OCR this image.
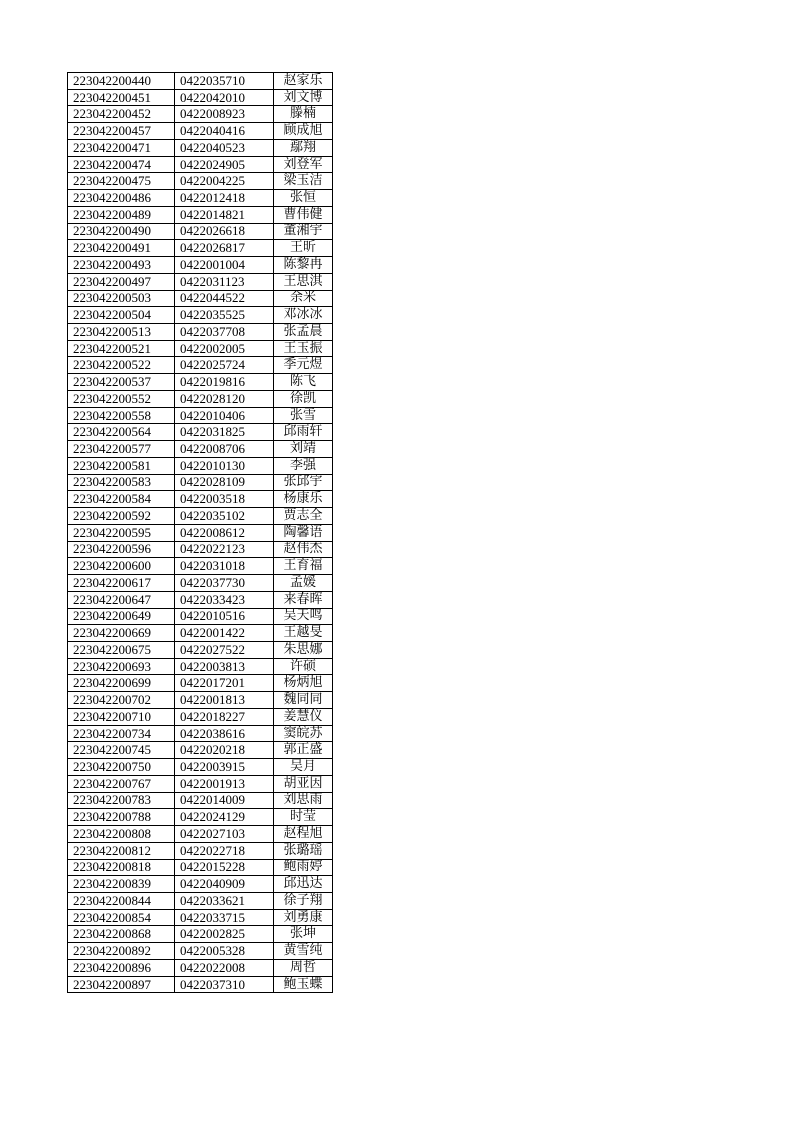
223042200440	0422035710	赵家乐
223042200451	0422042010	刘文博
223042200452	0422008923	滕楠
223042200457	0422040416	顾成旭
223042200471	0422040523	鄢翔
223042200474	0422024905	刘登军
223042200475	0422004225	梁玉洁
223042200486	0422012418	张恒
223042200489	0422014821	曹伟健
223042200490	0422026618	董湘宇
223042200491	0422026817	王昕
223042200493	0422001004	陈黎冉
223042200497	0422031123	王思淇
223042200503	0422044522	余米
223042200504	0422035525	邓冰冰
223042200513	0422037708	张孟晨
223042200521	0422002005	王玉振
223042200522	0422025724	季元煜
223042200537	0422019816	陈飞
223042200552	0422028120	徐凯
223042200558	0422010406	张雪
223042200564	0422031825	邱雨轩
223042200577	0422008706	刘靖
223042200581	0422010130	李强
223042200583	0422028109	张邱宇
223042200584	0422003518	杨康乐
223042200592	0422035102	贾志全
223042200595	0422008612	陶馨语
223042200596	0422022123	赵伟杰
223042200600	0422031018	王育福
223042200617	0422037730	孟媛
223042200647	0422033423	来春晖
223042200649	0422010516	吴天鸣
223042200669	0422001422	王越旻
223042200675	0422027522	朱思娜
223042200693	0422003813	许硕
223042200699	0422017201	杨炳旭
223042200702	0422001813	魏同同
223042200710	0422018227	姜慧仪
223042200734	0422038616	窦皖苏
223042200745	0422020218	郭正盛
223042200750	0422003915	吴月
223042200767	0422001913	胡亚因
223042200783	0422014009	刘思雨
223042200788	0422024129	时莹
223042200808	0422027103	赵程旭
223042200812	0422022718	张璐瑶
223042200818	0422015228	鲍雨婷
223042200839	0422040909	邱迅达
223042200844	0422033621	徐子翔
223042200854	0422033715	刘勇康
223042200868	0422002825	张坤
223042200892	0422005328	黄雪纯
223042200896	0422022008	周哲
223042200897	0422037310	鲍玉蝶
